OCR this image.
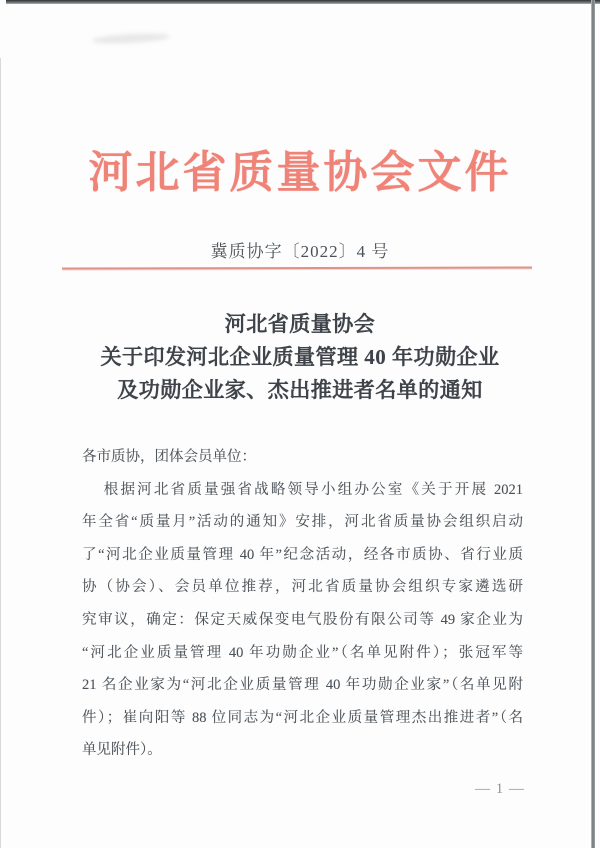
河北省质量协会文件
冀质协字〔2022〕4 号
河北省质量协会
关于印发河北企业质量管理 40 年功勋企业
及功勋企业家、杰出推进者名单的通知
各市质协，团体会员单位：
根据河北省质量强省战略领导小组办公室《关于开展 2021
年全省“质量月”活动的通知》安排，河北省质量协会组织启动
了“河北企业质量管理 40 年”纪念活动，经各市质协、省行业质
协（协会）、会员单位推荐，河北省质量协会组织专家遴选研
究审议，确定：保定天威保变电气股份有限公司等 49 家企业为
“河北企业质量管理 40 年功勋企业”（名单见附件）；张冠军等
21 名企业家为“河北企业质量管理 40 年功勋企业家”（名单见附
件）；崔向阳等 88 位同志为“河北企业质量管理杰出推进者”（名
单见附件）。
— 1 —
